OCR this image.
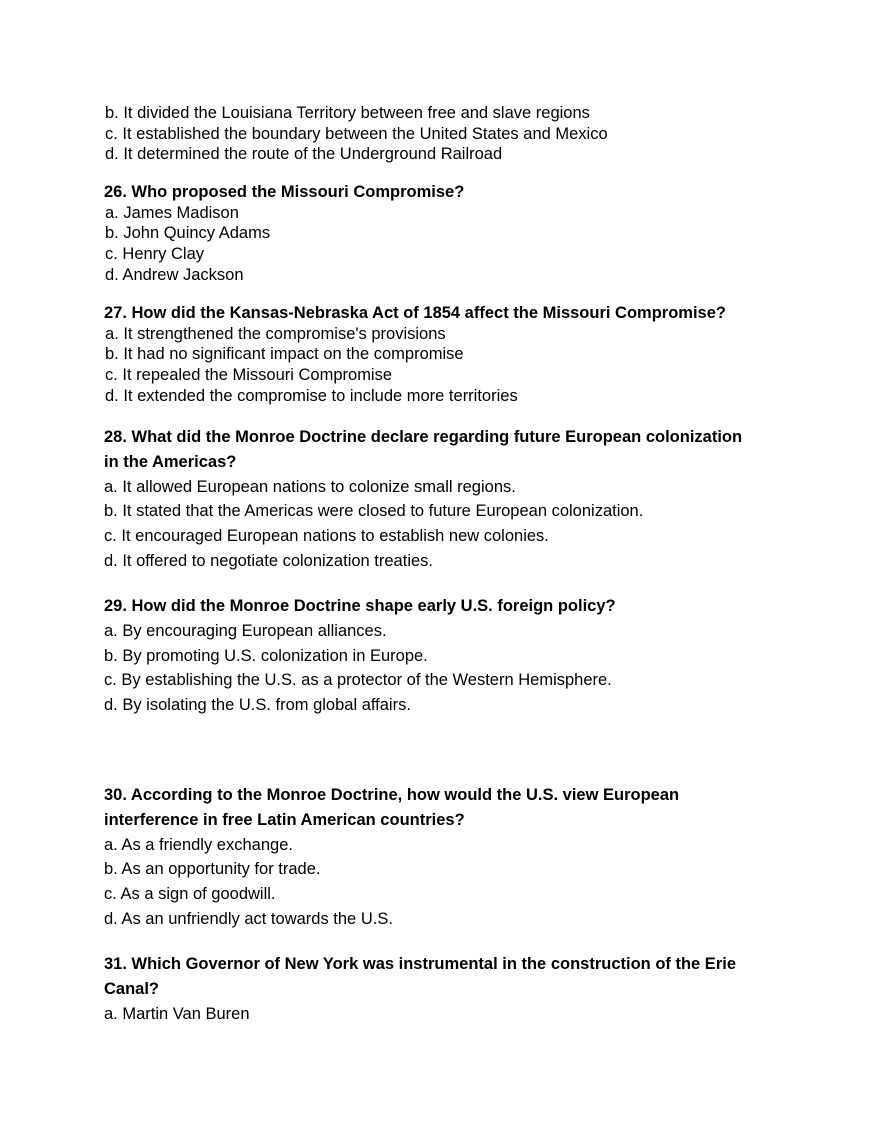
b. It divided the Louisiana Territory between free and slave regions
c. It established the boundary between the United States and Mexico
d. It determined the route of the Underground Railroad
26. Who proposed the Missouri Compromise?
a. James Madison
b. John Quincy Adams
c. Henry Clay
d. Andrew Jackson
27. How did the Kansas-Nebraska Act of 1854 affect the Missouri Compromise?
a. It strengthened the compromise's provisions
b. It had no significant impact on the compromise
c. It repealed the Missouri Compromise
d. It extended the compromise to include more territories
28. What did the Monroe Doctrine declare regarding future European colonization
in the Americas?
a. It allowed European nations to colonize small regions.
b. It stated that the Americas were closed to future European colonization.
c. It encouraged European nations to establish new colonies.
d. It offered to negotiate colonization treaties.
29. How did the Monroe Doctrine shape early U.S. foreign policy?
a. By encouraging European alliances.
b. By promoting U.S. colonization in Europe.
c. By establishing the U.S. as a protector of the Western Hemisphere.
d. By isolating the U.S. from global affairs.
30. According to the Monroe Doctrine, how would the U.S. view European
interference in free Latin American countries?
a. As a friendly exchange.
b. As an opportunity for trade.
c. As a sign of goodwill.
d. As an unfriendly act towards the U.S.
31. Which Governor of New York was instrumental in the construction of the Erie
Canal?
a. Martin Van Buren
